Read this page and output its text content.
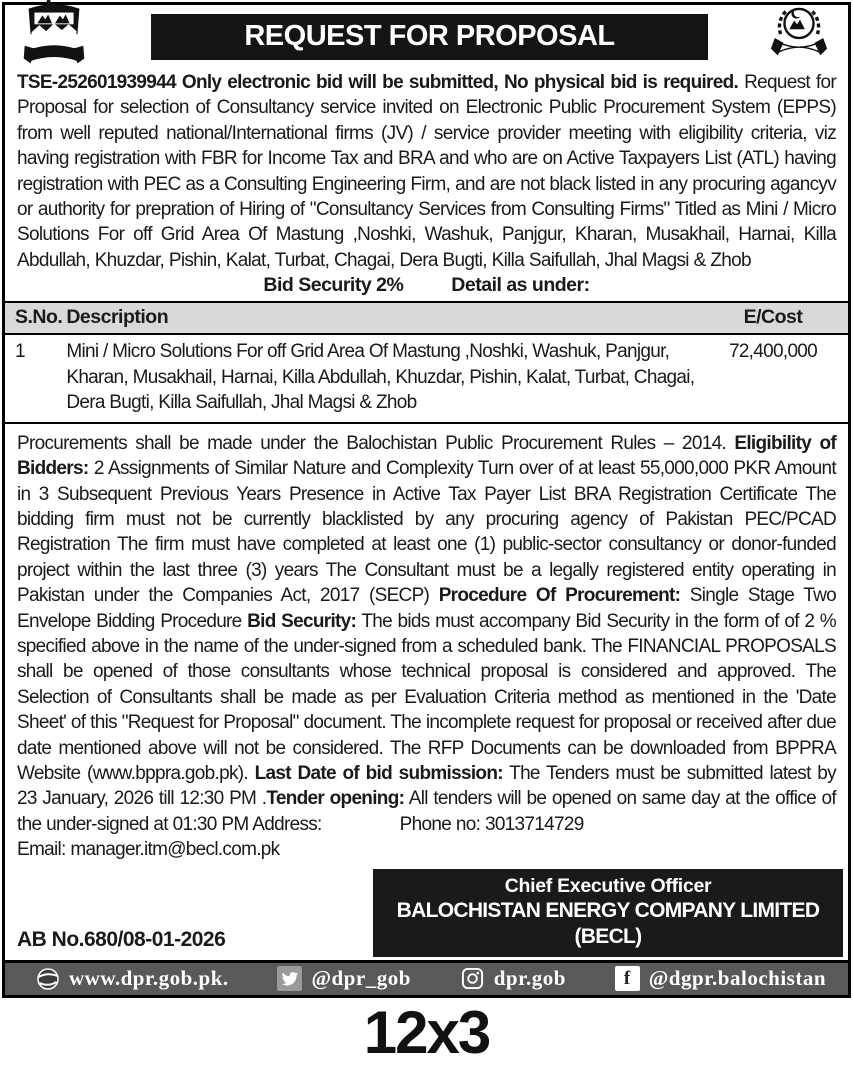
REQUEST FOR PROPOSAL
TSE-252601939944 Only electronic bid will be submitted, No physical bid is required. Request for Proposal for selection of Consultancy service invited on Electronic Public Procurement System (EPPS) from well reputed national/International firms (JV) / service provider meeting with eligibility criteria, viz having registration with FBR for Income Tax and BRA and who are on Active Taxpayers List (ATL) having registration with PEC as a Consulting Engineering Firm, and are not black listed in any procuring agancyv or authority for prepration of Hiring of "Consultancy Services from Consulting Firms" Titled as Mini / Micro Solutions For off Grid Area Of Mastung ,Noshki, Washuk, Panjgur, Kharan, Musakhail, Harnai, Killa Abdullah, Khuzdar, Pishin, Kalat, Turbat, Chagai, Dera Bugti, Killa Saifullah, Jhal Magsi & Zhob
Bid Security 2% Detail as under:
S.No.	Description	E/Cost
1	Mini / Micro Solutions For off Grid Area Of Mastung ,Noshki, Washuk, Panjgur, Kharan, Musakhail, Harnai, Killa Abdullah, Khuzdar, Pishin, Kalat, Turbat, Chagai, Dera Bugti, Killa Saifullah, Jhal Magsi & Zhob	72,400,000
Procurements shall be made under the Balochistan Public Procurement Rules – 2014. Eligibility of Bidders: 2 Assignments of Similar Nature and Complexity Turn over of at least 55,000,000 PKR Amount in 3 Subsequent Previous Years Presence in Active Tax Payer List BRA Registration Certificate The bidding firm must not be currently blacklisted by any procuring agency of Pakistan PEC/PCAD Registration The firm must have completed at least one (1) public-sector consultancy or donor-funded project within the last three (3) years The Consultant must be a legally registered entity operating in Pakistan under the Companies Act, 2017 (SECP) Procedure Of Procurement: Single Stage Two Envelope Bidding Procedure Bid Security: The bids must accompany Bid Security in the form of of 2 % specified above in the name of the under-signed from a scheduled bank. The FINANCIAL PROPOSALS shall be opened of those consultants whose technical proposal is considered and approved. The Selection of Consultants shall be made as per Evaluation Criteria method as mentioned in the 'Date Sheet' of this "Request for Proposal" document. The incomplete request for proposal or received after due date mentioned above will not be considered. The RFP Documents can be downloaded from BPPRA Website (www.bppra.gob.pk). Last Date of bid submission: The Tenders must be submitted latest by 23 January, 2026 till 12:30 PM .Tender opening: All tenders will be opened on same day at the office of the under-signed at 01:30 PM Address:	Phone no: 3013714729
Email: manager.itm@becl.com.pk
AB No.680/08-01-2026
Chief Executive Officer
BALOCHISTAN ENERGY COMPANY LIMITED (BECL)
www.dpr.gob.pk.	@dpr_gob	dpr.gob	f @dgpr.balochistan
12x3
